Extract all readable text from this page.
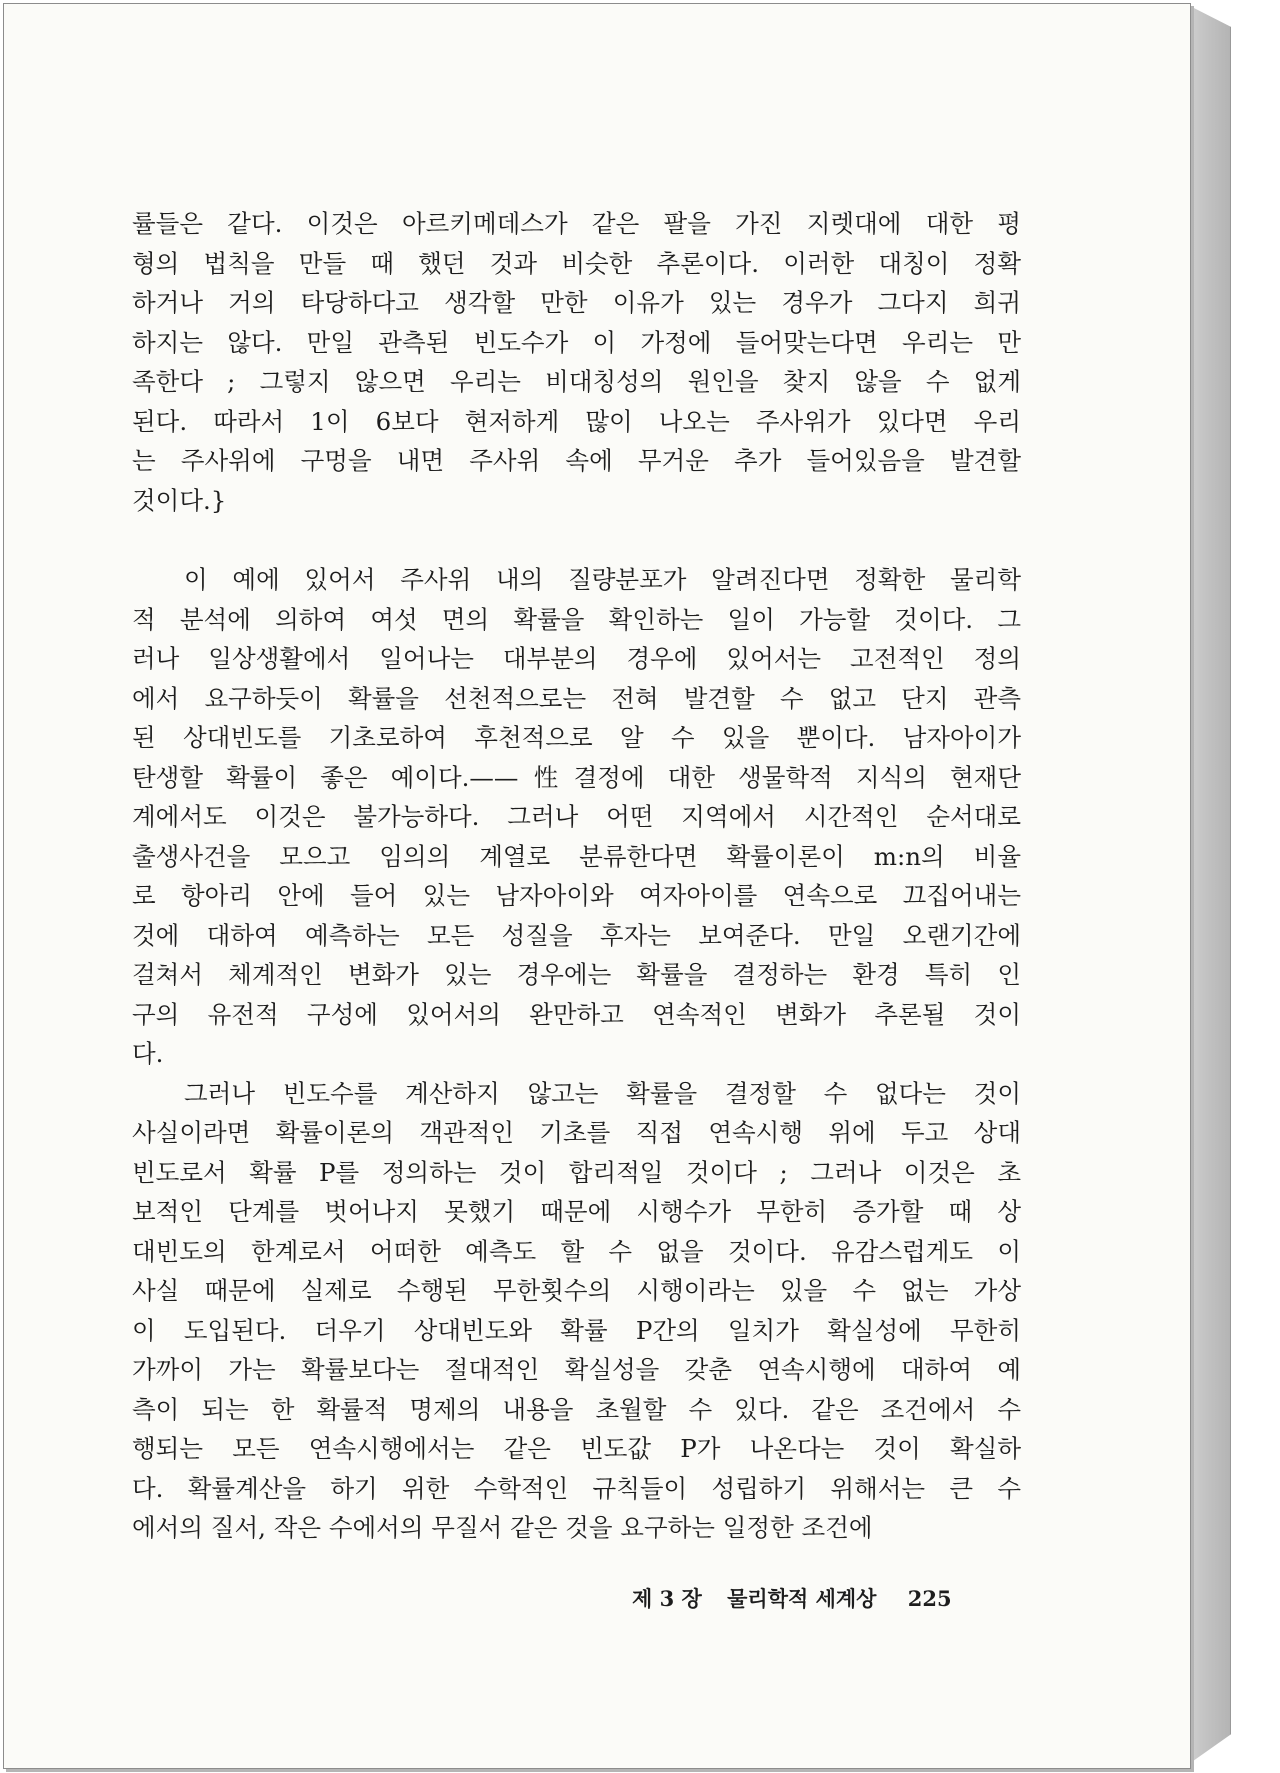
률들은 같다. 이것은 아르키메데스가 같은 팔을 가진 지렛대에 대한 평
형의 법칙을 만들 때 했던 것과 비슷한 추론이다. 이러한 대칭이 정확
하거나 거의 타당하다고 생각할 만한 이유가 있는 경우가 그다지 희귀
하지는 않다. 만일 관측된 빈도수가 이 가정에 들어맞는다면 우리는 만
족한다 ; 그렇지 않으면 우리는 비대칭성의 원인을 찾지 않을 수 없게
된다. 따라서 1이 6보다 현저하게 많이 나오는 주사위가 있다면 우리
는 주사위에 구멍을 내면 주사위 속에 무거운 추가 들어있음을 발견할
것이다.}
이 예에 있어서 주사위 내의 질량분포가 알려진다면 정확한 물리학
적 분석에 의하여 여섯 면의 확률을 확인하는 일이 가능할 것이다. 그
러나 일상생활에서 일어나는 대부분의 경우에 있어서는 고전적인 정의
에서 요구하듯이 확률을 선천적으로는 전혀 발견할 수 없고 단지 관측
된 상대빈도를 기초로하여 후천적으로 알 수 있을 뿐이다. 남자아이가
탄생할 확률이 좋은 예이다.——性결정에 대한 생물학적 지식의 현재단
계에서도 이것은 불가능하다. 그러나 어떤 지역에서 시간적인 순서대로
출생사건을 모으고 임의의 계열로 분류한다면 확률이론이 m:n의 비율
로 항아리 안에 들어 있는 남자아이와 여자아이를 연속으로 끄집어내는
것에 대하여 예측하는 모든 성질을 후자는 보여준다. 만일 오랜기간에
걸쳐서 체계적인 변화가 있는 경우에는 확률을 결정하는 환경 특히 인
구의 유전적 구성에 있어서의 완만하고 연속적인 변화가 추론될 것이
다.
그러나 빈도수를 계산하지 않고는 확률을 결정할 수 없다는 것이
사실이라면 확률이론의 객관적인 기초를 직접 연속시행 위에 두고 상대
빈도로서 확률 P를 정의하는 것이 합리적일 것이다 ; 그러나 이것은 초
보적인 단계를 벗어나지 못했기 때문에 시행수가 무한히 증가할 때 상
대빈도의 한계로서 어떠한 예측도 할 수 없을 것이다. 유감스럽게도 이
사실 때문에 실제로 수행된 무한횟수의 시행이라는 있을 수 없는 가상
이 도입된다. 더우기 상대빈도와 확률 P간의 일치가 확실성에 무한히
가까이 가는 확률보다는 절대적인 확실성을 갖춘 연속시행에 대하여 예
측이 되는 한 확률적 명제의 내용을 초월할 수 있다. 같은 조건에서 수
행되는 모든 연속시행에서는 같은 빈도값 P가 나온다는 것이 확실하
다. 확률계산을 하기 위한 수학적인 규칙들이 성립하기 위해서는 큰 수
에서의 질서, 작은 수에서의 무질서 같은 것을 요구하는 일정한 조건에
제 3 장 물리학적 세계상 225
